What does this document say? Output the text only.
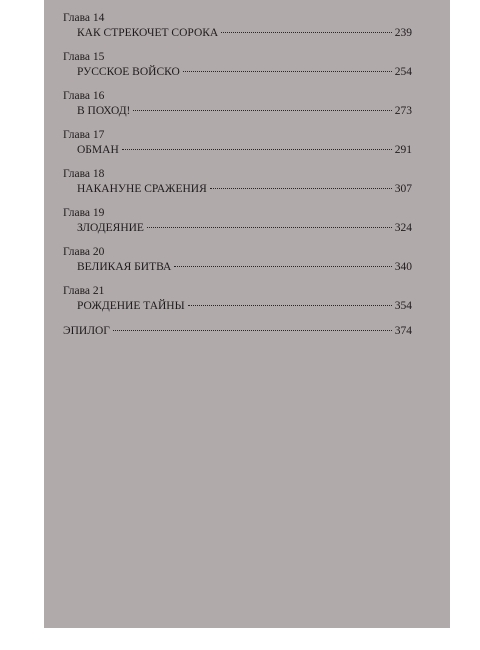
Глава 14
КАК СТРЕКОЧЕТ СОРОКА	239
Глава 15
РУССКОЕ ВОЙСКО	254
Глава 16
В ПОХОД!	273
Глава 17
ОБМАН	291
Глава 18
НАКАНУНЕ СРАЖЕНИЯ	307
Глава 19
ЗЛОДЕЯНИЕ	324
Глава 20
ВЕЛИКАЯ БИТВА	340
Глава 21
РОЖДЕНИЕ ТАЙНЫ	354
ЭПИЛОГ	374
